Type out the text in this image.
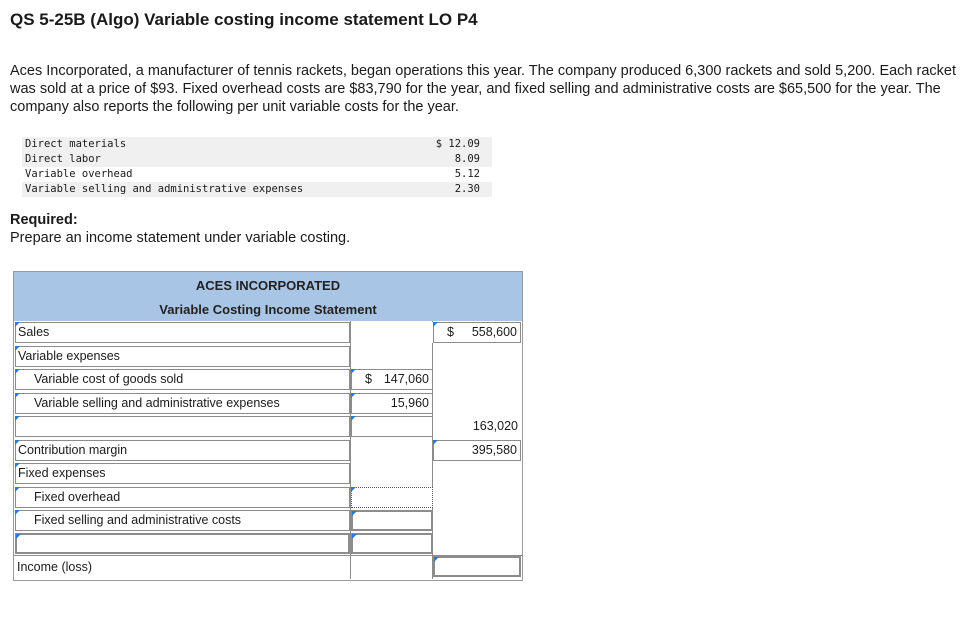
QS 5-25B (Algo) Variable costing income statement LO P4
Aces Incorporated, a manufacturer of tennis rackets, began operations this year. The company produced 6,300 rackets and sold 5,200. Each racket was sold at a price of $93. Fixed overhead costs are $83,790 for the year, and fixed selling and administrative costs are $65,500 for the year. The company also reports the following per unit variable costs for the year.
Direct materials	$ 12.09
Direct labor	8.09
Variable overhead	5.12
Variable selling and administrative expenses	2.30
Required:
Prepare an income statement under variable costing.
ACES INCORPORATED
Variable Costing Income Statement
Sales	$ 558,600
Variable expenses
Variable cost of goods sold	$ 147,060
Variable selling and administrative expenses	15,960
163,020
Contribution margin	395,580
Fixed expenses
Fixed overhead
Fixed selling and administrative costs
Income (loss)
